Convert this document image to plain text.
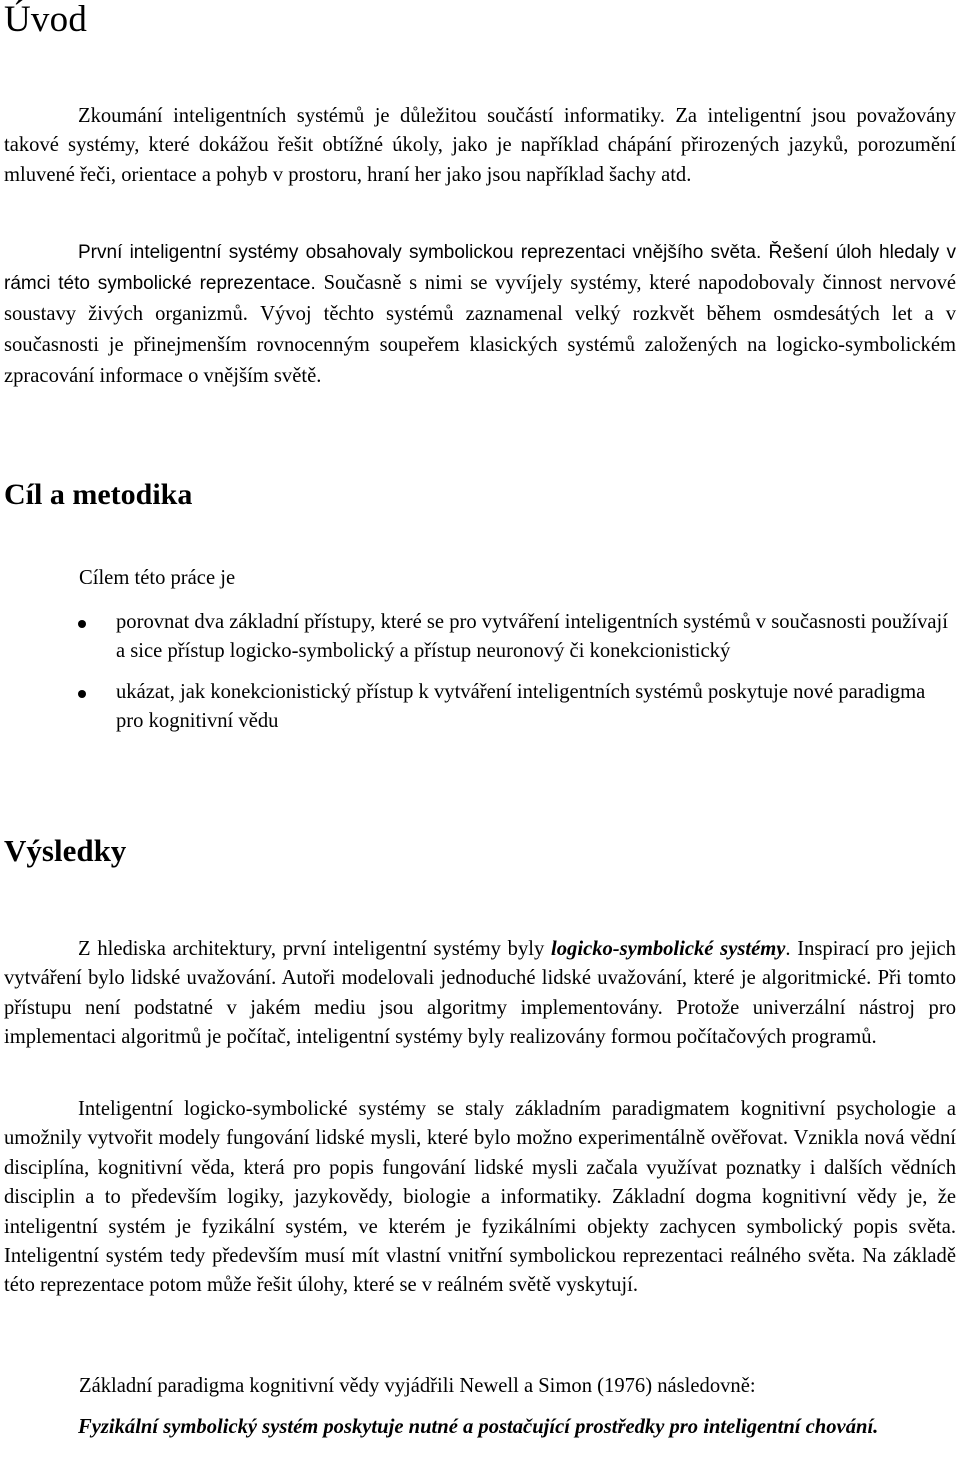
Úvod

Zkoumání inteligentních systémů je důležitou součástí informatiky. Za inteligentní jsou považovány takové systémy, které dokážou řešit obtížné úkoly, jako je například chápání přirozených jazyků, porozumění mluvené řeči, orientace a pohyb v prostoru, hraní her jako jsou například šachy atd.

První inteligentní systémy obsahovaly symbolickou reprezentaci vnějšího světa. Řešení úloh hledaly v rámci této symbolické reprezentace. Současně s nimi se vyvíjely systémy, které napodobovaly činnost nervové soustavy živých organizmů. Vývoj těchto systémů zaznamenal velký rozkvět během osmdesátých let a v současnosti je přinejmenším rovnocenným soupeřem klasických systémů založených na logicko-symbolickém zpracování informace o vnějším světě.

Cíl a metodika

Cílem této práce je

porovnat dva základní přístupy, které se pro vytváření inteligentních systémů v současnosti používají a sice přístup logicko-symbolický a přístup neuronový či konekcionistický
ukázat, jak konekcionistický přístup k vytváření inteligentních systémů poskytuje nové paradigma pro kognitivní vědu
Výsledky

Z hlediska architektury, první inteligentní systémy byly logicko-symbolické systémy. Inspirací pro jejich vytváření bylo lidské uvažování. Autoři modelovali jednoduché lidské uvažování, které je algoritmické. Při tomto přístupu není podstatné v jakém mediu jsou algoritmy implementovány. Protože univerzální nástroj pro implementaci algoritmů je počítač, inteligentní systémy byly realizovány formou počítačových programů.

Inteligentní logicko-symbolické systémy se staly základním paradigmatem kognitivní psychologie a umožnily vytvořit modely fungování lidské mysli, které bylo možno experimentálně ověřovat. Vznikla nová vědní disciplína, kognitivní věda, která pro popis fungování lidské mysli začala využívat poznatky i dalších vědních disciplin a to především logiky, jazykovědy, biologie a informatiky. Základní dogma kognitivní vědy je, že inteligentní systém je fyzikální systém, ve kterém je fyzikálními objekty zachycen symbolický popis světa. Inteligentní systém tedy především musí mít vlastní vnitřní symbolickou reprezentaci reálného světa. Na základě této reprezentace potom může řešit úlohy, které se v reálném světě vyskytují.

Základní paradigma kognitivní vědy vyjádřili Newell a Simon (1976) následovně:

Fyzikální symbolický systém poskytuje nutné a postačující prostředky pro inteligentní chování.
